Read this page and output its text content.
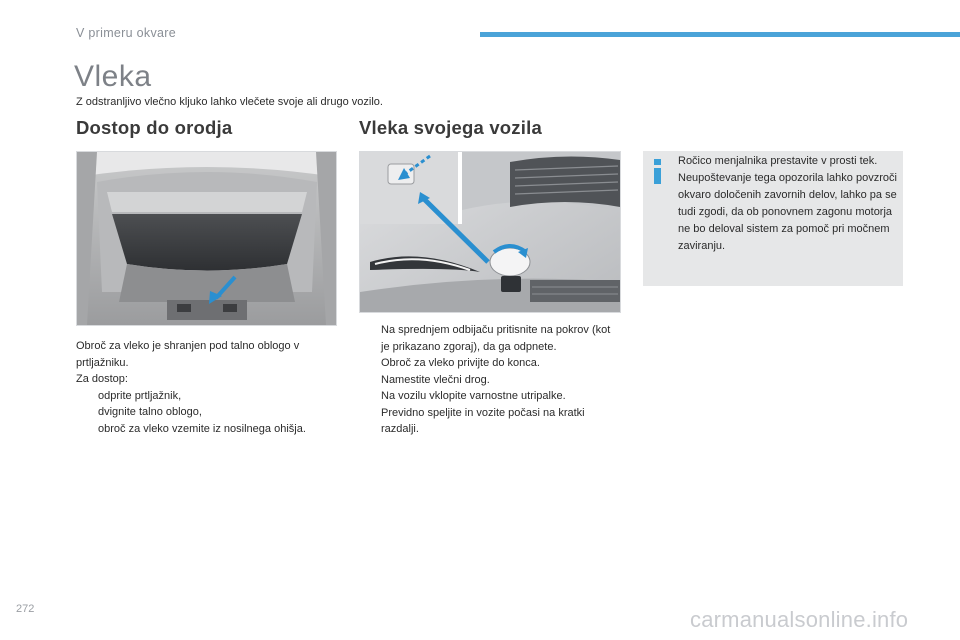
V primeru okvare
Vleka
Z odstranljivo vlečno kljuko lahko vlečete svoje ali drugo vozilo.
Dostop do orodja

Obroč za vleko je shranjen pod talno oblogo v prtljažniku.

Za dostop:

odprite prtljažnik,
dvignite talno oblogo,
obroč za vleko vzemite iz nosilnega ohišja.
Vleka svojega vozila
Na sprednjem odbijaču pritisnite na pokrov (kot je prikazano zgoraj), da ga odpnete.
Obroč za vleko privijte do konca.
Namestite vlečni drog.
Na vozilu vklopite varnostne utripalke.
Previdno speljite in vozite počasi na kratki razdalji.
Ročico menjalnika prestavite v prosti tek. Neupoštevanje tega opozorila lahko povzroči okvaro določenih zavornih delov, lahko pa se tudi zgodi, da ob ponovnem zagonu motorja ne bo deloval sistem za pomoč pri močnem zaviranju.
272	carmanualsonline.info
